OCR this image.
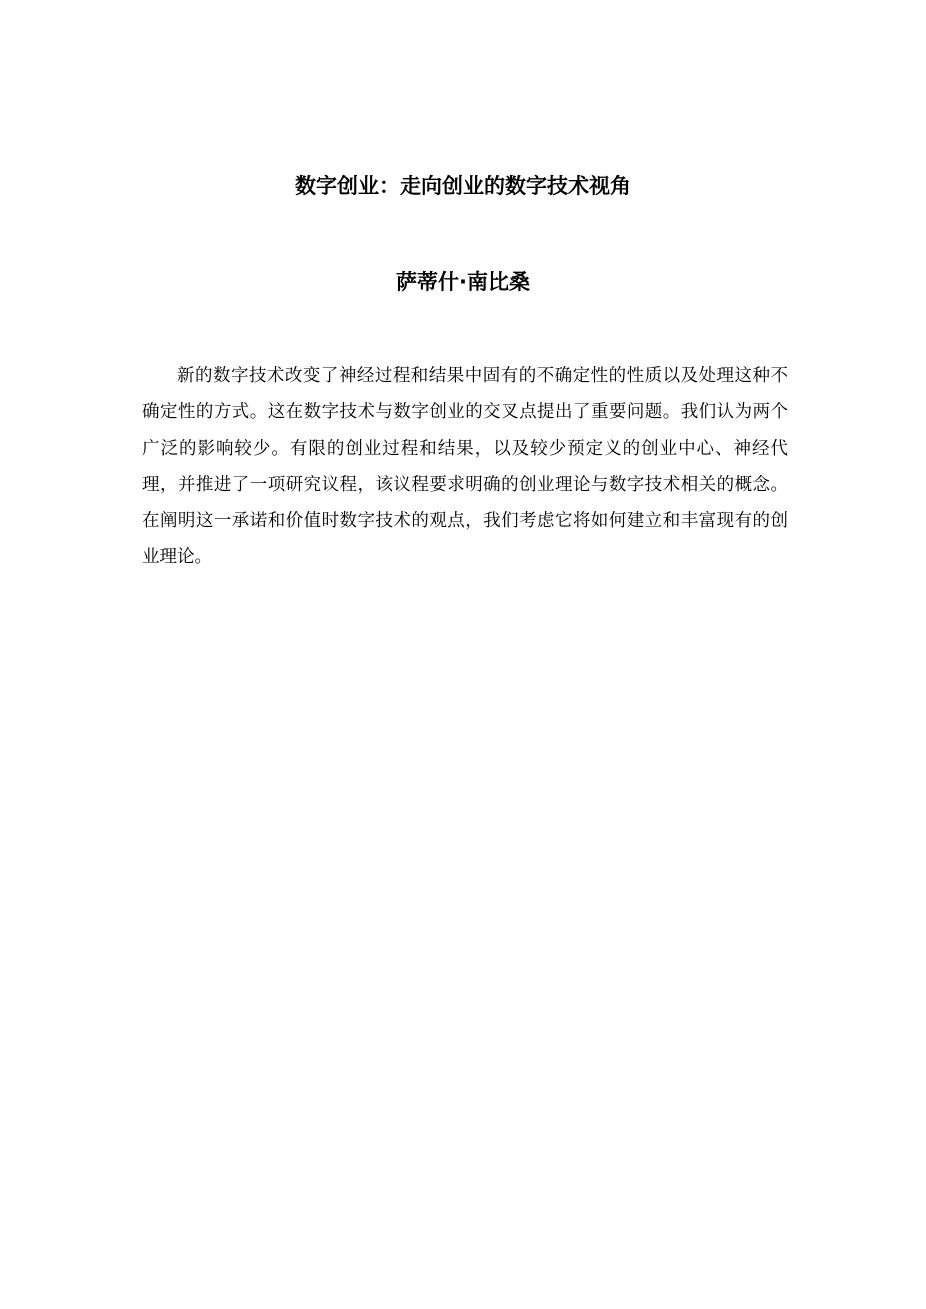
数字创业：走向创业的数字技术视角
萨蒂什·南比桑

新的数字技术改变了神经过程和结果中固有的不确定性的性质以及处理这种不确定性的方式。这在数字技术与数字创业的交叉点提出了重要问题。我们认为两个广泛的影响较少。有限的创业过程和结果，以及较少预定义的创业中心、神经代理，并推进了一项研究议程，该议程要求明确的创业理论与数字技术相关的概念。在阐明这一承诺和价值时数字技术的观点，我们考虑它将如何建立和丰富现有的创业理论。
